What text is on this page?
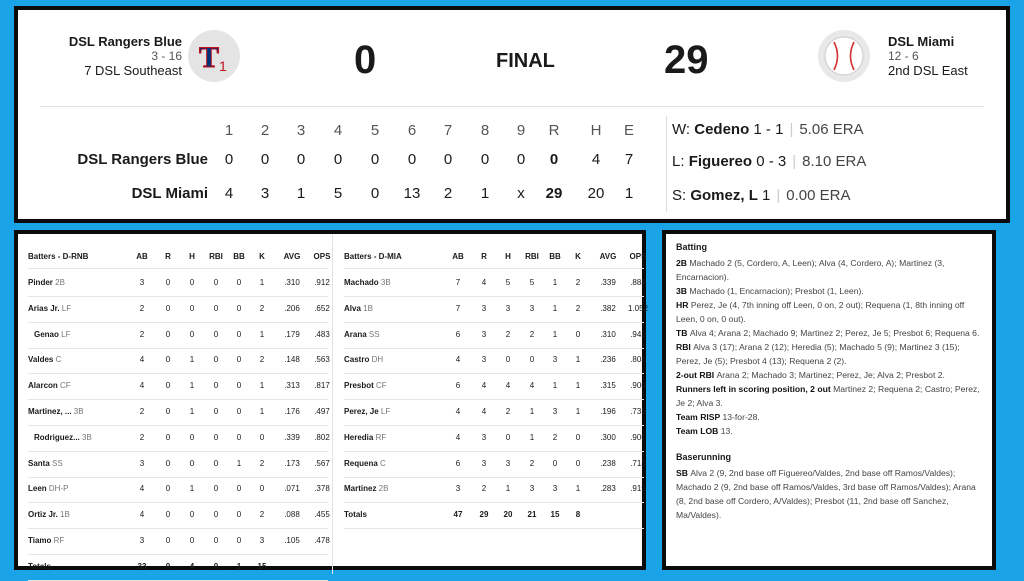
DSL Rangers Blue
3 - 16
7 DSL Southeast T 1	0	FINAL	29	DSL Miami
12 - 6
2nd DSL East
1	2	3	4	5	6	7	8	9	R	H	E
DSL Rangers Blue	0	0	0	0	0	0	0	0	0	0	4	7
DSL Miami	4	3	1	5	0	13	2	1	x	29	20	1
W: Cedeno 1 - 1 | 5.06 ERA
L: Figuereo 0 - 3 | 8.10 ERA
S: Gomez, L 1 | 0.00 ERA
Batters - D-RNB	AB	R	H	RBI	BB	K	AVG	OPS
Pinder 2B	3	0	0	0	0	1	.310	.912
Arias Jr. LF	2	0	0	0	0	2	.206	.652
Genao LF	2	0	0	0	0	1	.179	.483
Valdes C	4	0	1	0	0	2	.148	.563
Alarcon CF	4	0	1	0	0	1	.313	.817
Martinez, ... 3B	2	0	1	0	0	1	.176	.497
Rodriguez... 3B	2	0	0	0	0	0	.339	.802
Santa SS	3	0	0	0	1	2	.173	.567
Leen DH-P	4	0	1	0	0	0	.071	.378
Ortiz Jr. 1B	4	0	0	0	0	2	.088	.455
Tiamo RF	3	0	0	0	0	3	.105	.478
Totals	33	0	4	0	1	15
Batters - D-MIA	AB	R	H	RBI	BB	K	AVG	OPS
Machado 3B	7	4	5	5	1	2	.339	.884
Alva 1B	7	3	3	3	1	2	.382	1.052
Arana SS	6	3	2	2	1	0	.310	.942
Castro DH	4	3	0	0	3	1	.236	.803
Presbot CF	6	4	4	4	1	1	.315	.900
Perez, Je LF	4	4	2	1	3	1	.196	.735
Heredia RF	4	3	0	1	2	0	.300	.900
Requena C	6	3	3	2	0	0	.238	.714
Martinez 2B	3	2	1	3	3	1	.283	.919
Totals	47	29	20	21	15	8
Batting
2B Machado 2 (5, Cordero, A, Leen); Alva (4, Cordero, A); Martinez (3, Encarnacion).
3B Machado (1, Encarnacion); Presbot (1, Leen).
HR Perez, Je (4, 7th inning off Leen, 0 on, 2 out); Requena (1, 8th inning off Leen, 0 on, 0 out).
TB Alva 4; Arana 2; Machado 9; Martinez 2; Perez, Je 5; Presbot 6; Requena 6.
RBI Alva 3 (17); Arana 2 (12); Heredia (5); Machado 5 (9); Martinez 3 (15); Perez, Je (5); Presbot 4 (13); Requena 2 (2).
2-out RBI Arana 2; Machado 3; Martinez; Perez, Je; Alva 2; Presbot 2.
Runners left in scoring position, 2 out Martinez 2; Requena 2; Castro; Perez, Je 2; Alva 3.
Team RISP 13-for-28.
Team LOB 13.
Baserunning
SB Alva 2 (9, 2nd base off Figuereo/Valdes, 2nd base off Ramos/Valdes); Machado 2 (9, 2nd base off Ramos/Valdes, 3rd base off Ramos/Valdes); Arana (8, 2nd base off Cordero, A/Valdes); Presbot (11, 2nd base off Sanchez, Ma/Valdes).
